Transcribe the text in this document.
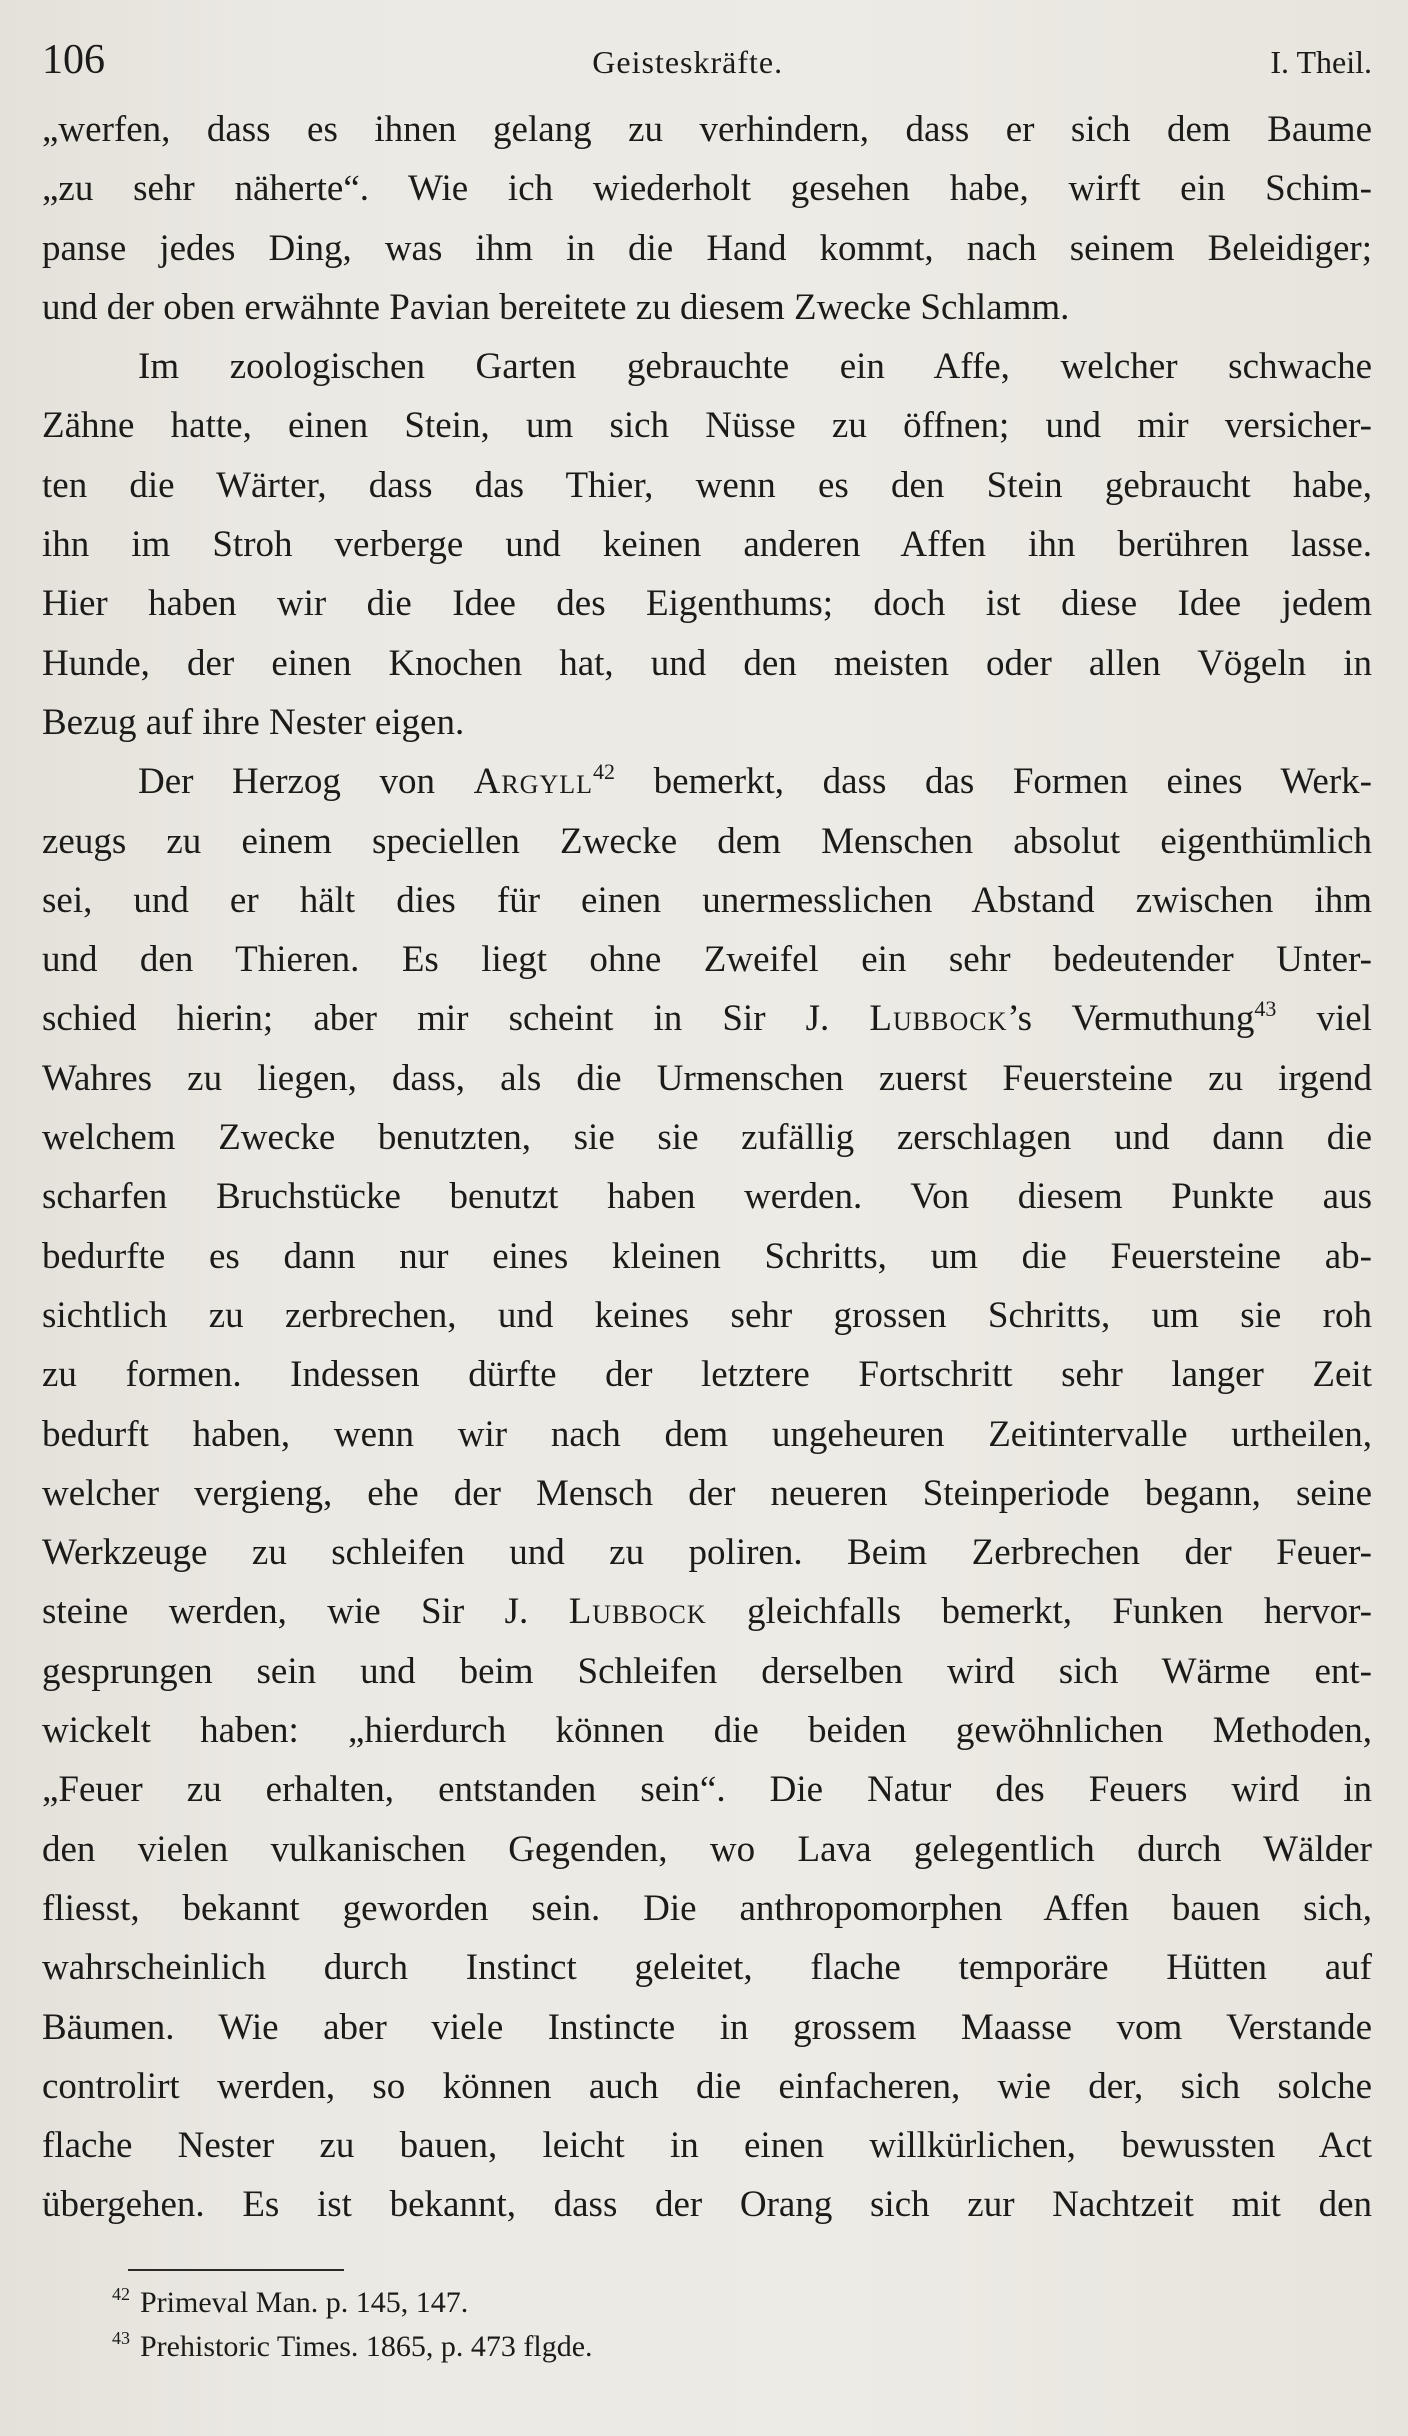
106	Geisteskräfte.	I. Theil.
„werfen, dass es ihnen gelang zu verhindern, dass er sich dem Baume
„zu sehr näherte“. Wie ich wiederholt gesehen habe, wirft ein Schim-
panse jedes Ding, was ihm in die Hand kommt, nach seinem Beleidiger;
und der oben erwähnte Pavian bereitete zu diesem Zwecke Schlamm.
Im zoologischen Garten gebrauchte ein Affe, welcher schwache
Zähne hatte, einen Stein, um sich Nüsse zu öffnen; und mir versicher-
ten die Wärter, dass das Thier, wenn es den Stein gebraucht habe,
ihn im Stroh verberge und keinen anderen Affen ihn berühren lasse.
Hier haben wir die Idee des Eigenthums; doch ist diese Idee jedem
Hunde, der einen Knochen hat, und den meisten oder allen Vögeln in
Bezug auf ihre Nester eigen.
Der Herzog von Argyll$^{42}$ bemerkt, dass das Formen eines Werk-
zeugs zu einem speciellen Zwecke dem Menschen absolut eigenthümlich
sei, und er hält dies für einen unermesslichen Abstand zwischen ihm
und den Thieren. Es liegt ohne Zweifel ein sehr bedeutender Unter-
schied hierin; aber mir scheint in Sir J. Lubbock’s Vermuthung$^{43}$ viel
Wahres zu liegen, dass, als die Urmenschen zuerst Feuersteine zu irgend
welchem Zwecke benutzten, sie sie zufällig zerschlagen und dann die
scharfen Bruchstücke benutzt haben werden. Von diesem Punkte aus
bedurfte es dann nur eines kleinen Schritts, um die Feuersteine ab-
sichtlich zu zerbrechen, und keines sehr grossen Schritts, um sie roh
zu formen. Indessen dürfte der letztere Fortschritt sehr langer Zeit
bedurft haben, wenn wir nach dem ungeheuren Zeitintervalle urtheilen,
welcher vergieng, ehe der Mensch der neueren Steinperiode begann, seine
Werkzeuge zu schleifen und zu poliren. Beim Zerbrechen der Feuer-
steine werden, wie Sir J. Lubbock gleichfalls bemerkt, Funken hervor-
gesprungen sein und beim Schleifen derselben wird sich Wärme ent-
wickelt haben: „hierdurch können die beiden gewöhnlichen Methoden,
„Feuer zu erhalten, entstanden sein“. Die Natur des Feuers wird in
den vielen vulkanischen Gegenden, wo Lava gelegentlich durch Wälder
fliesst, bekannt geworden sein. Die anthropomorphen Affen bauen sich,
wahrscheinlich durch Instinct geleitet, flache temporäre Hütten auf
Bäumen. Wie aber viele Instincte in grossem Maasse vom Verstande
controlirt werden, so können auch die einfacheren, wie der, sich solche
flache Nester zu bauen, leicht in einen willkürlichen, bewussten Act
übergehen. Es ist bekannt, dass der Orang sich zur Nachtzeit mit den
$^{42}$ Primeval Man. p. 145, 147.
$^{43}$ Prehistoric Times. 1865, p. 473 flgde.
